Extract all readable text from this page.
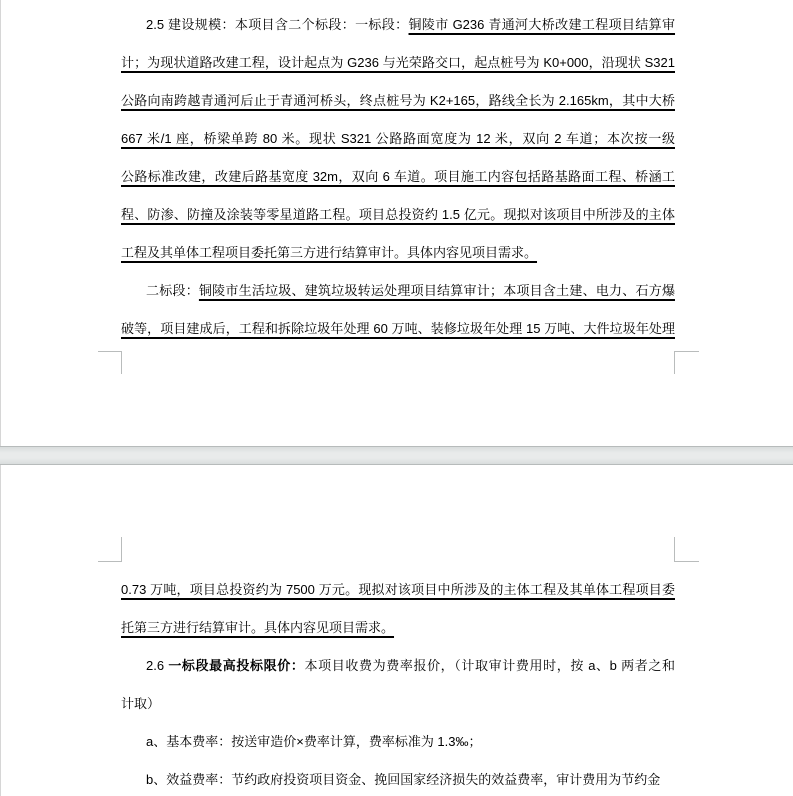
2.5 建设规模：本项目含二个标段：一标段：铜陵市 G236 青通河大桥改建工程项目结算审
计；为现状道路改建工程，设计起点为 G236 与光荣路交口，起点桩号为 K0+000，沿现状 S321
公路向南跨越青通河后止于青通河桥头，终点桩号为 K2+165，路线全长为 2.165km，其中大桥
667 米/1 座，桥梁单跨 80 米。现状 S321 公路路面宽度为 12 米，双向 2 车道；本次按一级
公路标准改建，改建后路基宽度 32m，双向 6 车道。项目施工内容包括路基路面工程、桥涵工
程、防渗、防撞及涂装等零星道路工程。项目总投资约 1.5 亿元。现拟对该项目中所涉及的主体
工程及其单体工程项目委托第三方进行结算审计。具体内容见项目需求。
二标段：铜陵市生活垃圾、建筑垃圾转运处理项目结算审计；本项目含土建、电力、石方爆
破等，项目建成后，工程和拆除垃圾年处理 60 万吨、装修垃圾年处理 15 万吨、大件垃圾年处理
0.73 万吨，项目总投资约为 7500 万元。现拟对该项目中所涉及的主体工程及其单体工程项目委
托第三方进行结算审计。具体内容见项目需求。
2.6 一标段最高投标限价：本项目收费为费率报价，（计取审计费用时，按 a、b 两者之和
计取）
a、基本费率：按送审造价×费率计算，费率标准为 1.3‰；
b、效益费率：节约政府投资项目资金、挽回国家经济损失的效益费率，审计费用为节约金
